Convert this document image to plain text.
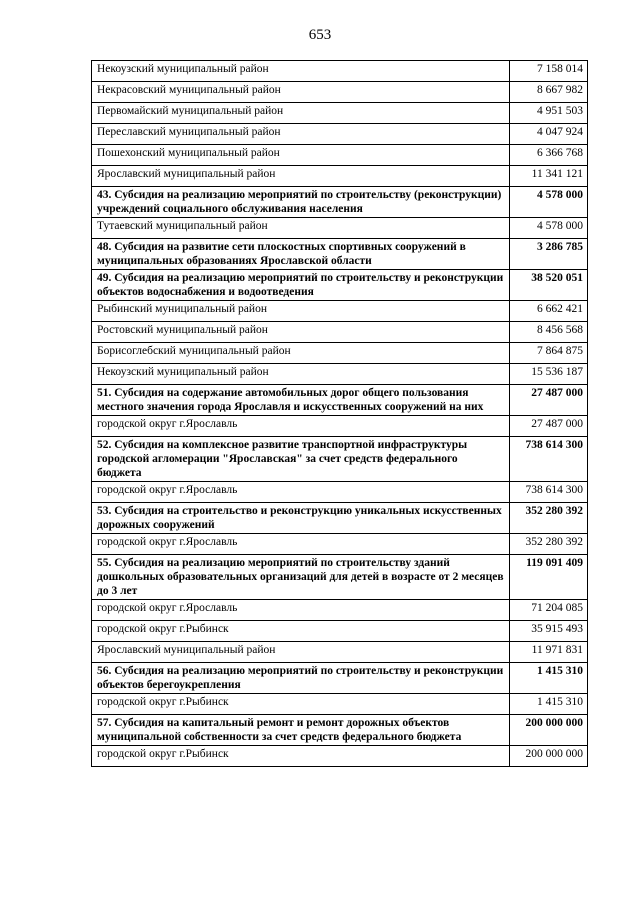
653
Некоузский муниципальный район	7 158 014
Некрасовский муниципальный район	8 667 982
Первомайский муниципальный район	4 951 503
Переславский муниципальный район	4 047 924
Пошехонский муниципальный район	6 366 768
Ярославский муниципальный район	11 341 121
43. Субсидия на реализацию мероприятий по строительству (реконструкции) учреждений социального обслуживания населения	4 578 000
Тутаевский муниципальный район	4 578 000
48. Субсидия на развитие сети плоскостных спортивных сооружений в муниципальных образованиях Ярославской области	3 286 785
49. Субсидия на реализацию мероприятий по строительству и реконструкции объектов водоснабжения и водоотведения	38 520 051
Рыбинский муниципальный район	6 662 421
Ростовский муниципальный район	8 456 568
Борисоглебский муниципальный район	7 864 875
Некоузский муниципальный район	15 536 187
51. Субсидия на содержание автомобильных дорог общего пользования местного значения города Ярославля и искусственных сооружений на них	27 487 000
городской округ г.Ярославль	27 487 000
52. Субсидия на комплексное развитие транспортной инфраструктуры городской агломерации "Ярославская" за счет средств федерального бюджета	738 614 300
городской округ г.Ярославль	738 614 300
53. Субсидия на строительство и реконструкцию уникальных искусственных дорожных сооружений	352 280 392
городской округ г.Ярославль	352 280 392
55. Субсидия на реализацию мероприятий по строительству зданий дошкольных образовательных организаций для детей в возрасте от 2 месяцев до 3 лет	119 091 409
городской округ г.Ярославль	71 204 085
городской округ г.Рыбинск	35 915 493
Ярославский муниципальный район	11 971 831
56. Субсидия на реализацию мероприятий по строительству и реконструкции объектов берегоукрепления	1 415 310
городской округ г.Рыбинск	1 415 310
57. Субсидия на капитальный ремонт и ремонт дорожных объектов муниципальной собственности за счет средств федерального бюджета	200 000 000
городской округ г.Рыбинск	200 000 000
